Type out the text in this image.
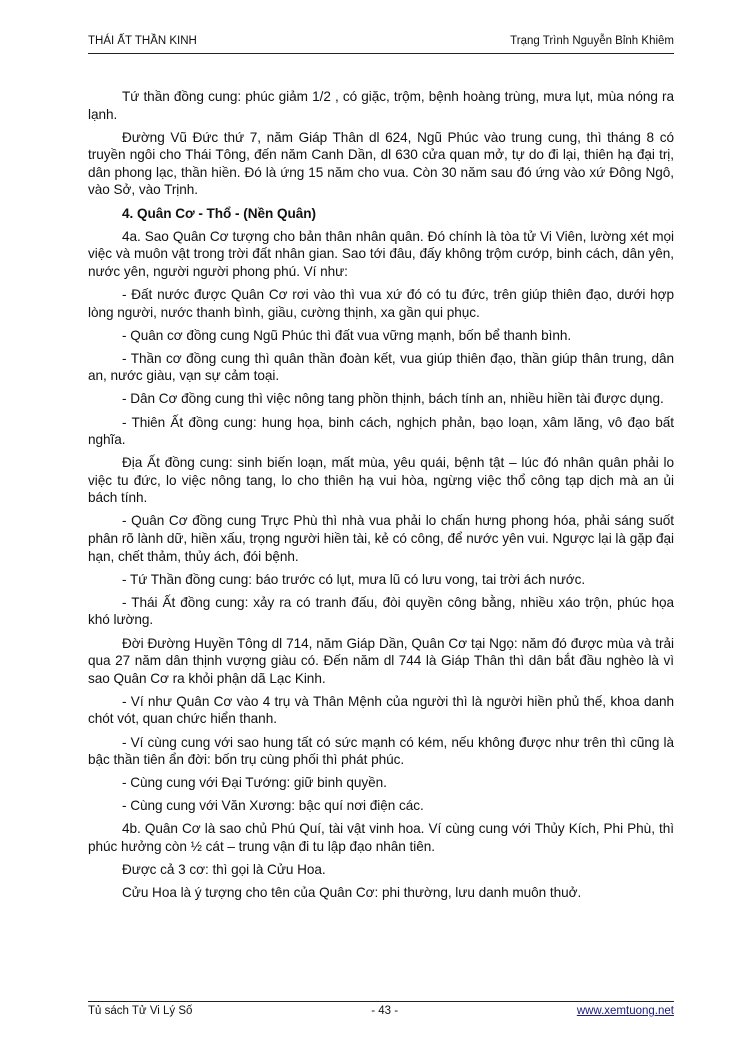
THÁI ẤT THẦN KINH	Trạng Trình Nguyễn Bỉnh Khiêm

Tứ thần đồng cung: phúc giảm 1/2 , có giặc, trộm, bệnh hoàng trùng, mưa lụt, mùa nóng ra lạnh.

Đường Vũ Đức thứ 7, năm Giáp Thân dl 624, Ngũ Phúc vào trung cung, thì tháng 8 có truyền ngôi cho Thái Tông, đến năm Canh Dần, dl 630 cửa quan mở, tự do đi lại, thiên hạ đại trị, dân phong lạc, thần hiền. Đó là ứng 15 năm cho vua. Còn 30 năm sau đó ứng vào xứ Đông Ngô, vào Sở, vào Trịnh.

4. Quân Cơ - Thổ - (Nền Quân)

4a. Sao Quân Cơ tượng cho bản thân nhân quân. Đó chính là tòa tử Vi Viên, lường xét mọi việc và muôn vật trong trời đất nhân gian. Sao tới đâu, đấy không trộm cướp, binh cách, dân yên, nước yên, người người phong phú. Ví như:

- Đất nước được Quân Cơ rơi vào thì vua xứ đó có tu đức, trên giúp thiên đạo, dưới hợp lòng người, nước thanh bình, giầu, cường thịnh, xa gần qui phục.

- Quân cơ đồng cung Ngũ Phúc thì đất vua vững mạnh, bốn bể thanh bình.

- Thần cơ đồng cung thì quân thần đoàn kết, vua giúp thiên đạo, thần giúp thân trung, dân an, nước giàu, vạn sự cảm toại.

- Dân Cơ đồng cung thì việc nông tang phồn thịnh, bách tính an, nhiều hiền tài được dụng.

- Thiên Ất đồng cung: hung họa, binh cách, nghịch phản, bạo loạn, xâm lăng, vô đạo bất nghĩa.

Địa Ất đồng cung: sinh biến loạn, mất mùa, yêu quái, bệnh tật – lúc đó nhân quân phải lo việc tu đức, lo việc nông tang, lo cho thiên hạ vui hòa, ngừng việc thổ công tạp dịch mà an ủi bách tính.

- Quân Cơ đồng cung Trực Phù thì nhà vua phải lo chấn hưng phong hóa, phải sáng suốt phân rõ lành dữ, hiền xấu, trọng người hiền tài, kẻ có công, để nước yên vui. Ngược lại là gặp đại hạn, chết thảm, thủy ách, đói bệnh.

- Tứ Thần đồng cung: báo trước có lụt, mưa lũ có lưu vong, tai trời ách nước.

- Thái Ất đồng cung: xảy ra có tranh đấu, đòi quyền công bằng, nhiều xáo trộn, phúc họa khó lường.

Đời Đường Huyền Tông dl 714, năm Giáp Dần, Quân Cơ tại Ngọ: năm đó được mùa và trải qua 27 năm dân thịnh vượng giàu có. Đến năm dl 744 là Giáp Thân thì dân bắt đầu nghèo là vì sao Quân Cơ ra khỏi phận dã Lạc Kinh.

- Ví như Quân Cơ vào 4 trụ và Thân Mệnh của người thì là người hiền phủ thế, khoa danh chót vót, quan chức hiển thanh.

- Ví cùng cung với sao hung tất có sức mạnh có kém, nếu không được như trên thì cũng là bậc thần tiên ẩn đời: bốn trụ cùng phối thì phát phúc.

- Cùng cung với Đại Tướng: giữ binh quyền.

- Cùng cung với Văn Xương: bậc quí nơi điện các.

4b. Quân Cơ là sao chủ Phú Quí, tài vật vinh hoa. Ví cùng cung với Thủy Kích, Phi Phù, thì phúc hưởng còn ½ cát – trung vận đi tu lập đạo nhân tiên.

Được cả 3 cơ: thì gọi là Cửu Hoa.

Cửu Hoa là ý tượng cho tên của Quân Cơ: phi thường, lưu danh muôn thuở.

Tủ sách Tử Vi Lý Số	- 43 -	www.xemtuong.net
